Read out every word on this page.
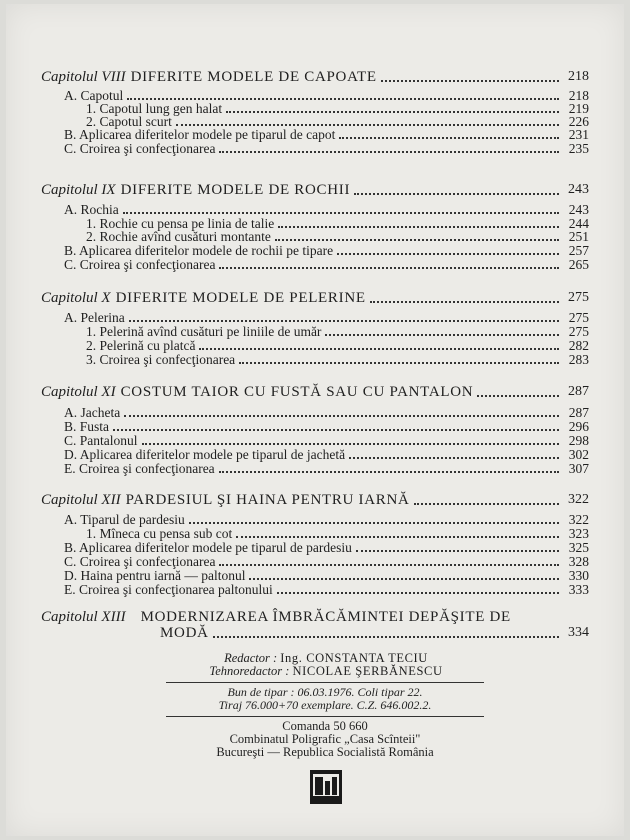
Capitolul VIII DIFERITE MODELE DE CAPOATE	218
A. Capotul	218
1. Capotul lung gen halat	219
2. Capotul scurt	226
B. Aplicarea diferitelor modele pe tiparul de capot	231
C. Croirea şi confecţionarea	235
Capitolul IX DIFERITE MODELE DE ROCHII	243
A. Rochia	243
1. Rochie cu pensa pe linia de talie	244
2. Rochie avînd cusături montante	251
B. Aplicarea diferitelor modele de rochii pe tipare	257
C. Croirea şi confecţionarea	265
Capitolul X DIFERITE MODELE DE PELERINE	275
A. Pelerina	275
1. Pelerină avînd cusături pe liniile de umăr	275
2. Pelerină cu platcă	282
3. Croirea şi confecţionarea	283
Capitolul XI COSTUM TAIOR CU FUSTĂ SAU CU PANTALON	287
A. Jacheta	287
B. Fusta	296
C. Pantalonul	298
D. Aplicarea diferitelor modele pe tiparul de jachetă	302
E. Croirea şi confecţionarea	307
Capitolul XII PARDESIUL ŞI HAINA PENTRU IARNĂ	322
A. Tiparul de pardesiu	322
1. Mîneca cu pensa sub cot	323
B. Aplicarea diferitelor modele pe tiparul de pardesiu	325
C. Croirea şi confecţionarea	328
D. Haina pentru iarnă — paltonul	330
E. Croirea şi confecţionarea paltonului	333
Capitolul XIII MODERNIZAREA ÎMBRĂCĂMINTEI DEPĂŞITE DE
MODĂ	334
Redactor : Ing. CONSTANTA TECIU
Tehnoredactor : NICOLAE ŞERBĂNESCU
Bun de tipar : 06.03.1976. Coli tipar 22.
Tiraj 76.000+70 exemplare. C.Z. 646.002.2.
Comanda 50 660
Combinatul Poligrafic „Casa Scînteii"
Bucureşti — Republica Socialistă România
